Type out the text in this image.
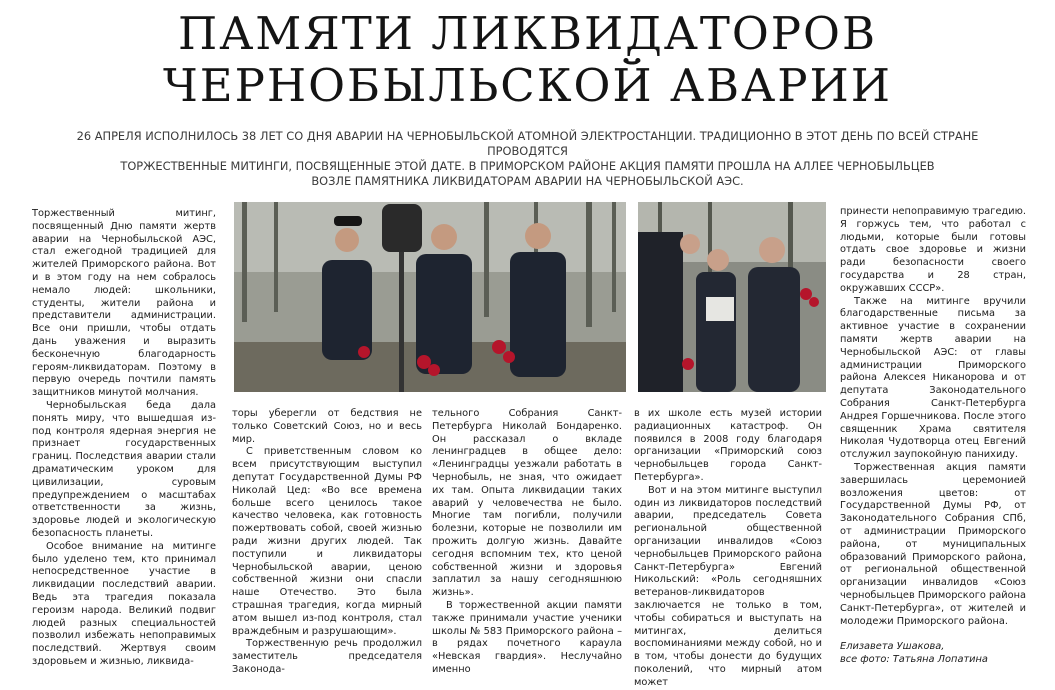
ПАМЯТИ ЛИКВИДАТОРОВ
ЧЕРНОБЫЛЬСКОЙ АВАРИИ
26 АПРЕЛЯ ИСПОЛНИЛОСЬ 38 ЛЕТ СО ДНЯ АВАРИИ НА ЧЕРНОБЫЛЬСКОЙ АТОМНОЙ ЭЛЕКТРОСТАНЦИИ. ТРАДИЦИОННО В ЭТОТ ДЕНЬ ПО ВСЕЙ СТРАНЕ ПРОВОДЯТСЯ
ТОРЖЕСТВЕННЫЕ МИТИНГИ, ПОСВЯЩЕННЫЕ ЭТОЙ ДАТЕ. В ПРИМОРСКОМ РАЙОНЕ АКЦИЯ ПАМЯТИ ПРОШЛА НА АЛЛЕЕ ЧЕРНОБЫЛЬЦЕВ
ВОЗЛЕ ПАМЯТНИКА ЛИКВИДАТОРАМ АВАРИИ НА ЧЕРНОБЫЛЬСКОЙ АЭС.

Торжественный митинг, посвященный Дню памяти жертв аварии на Чернобыльской АЭС, стал ежегодной традицией для жителей Приморского района. Вот и в этом году на нем собралось немало людей: школьники, студенты, жители района и представители администрации. Все они пришли, чтобы отдать дань уважения и выразить бесконечную благодарность героям-ликвидаторам. Поэтому в первую очередь почтили память защитников минутой молчания.

Чернобыльская беда дала понять миру, что вышедшая из-под контроля ядерная энергия не признает государственных границ. Последствия аварии стали драматическим уроком для цивилизации, суровым предупреждением о масштабах ответственности за жизнь, здоровье людей и экологическую безопасность планеты.

Особое внимание на митинге было уделено тем, кто принимал непосредственное участие в ликвидации последствий аварии. Ведь эта трагедия показала героизм народа. Великий подвиг людей разных специальностей позволил избежать непоправимых последствий. Жертвуя своим здоровьем и жизнью, ликвида-

торы уберегли от бедствия не только Советский Союз, но и весь мир.

С приветственным словом ко всем присутствующим выступил депутат Государственной Думы РФ Николай Цед: «Во все времена больше всего ценилось такое качество человека, как готовность пожертвовать собой, своей жизнью ради жизни других людей. Так поступили и ликвидаторы Чернобыльской аварии, ценою собственной жизни они спасли наше Отечество. Это была страшная трагедия, когда мирный атом вышел из-под контроля, стал враждебным и разрушающим».

Торжественную речь продолжил заместитель председателя Законода-

тельного Собрания Санкт-Петербурга Николай Бондаренко. Он рассказал о вкладе ленинградцев в общее дело: «Ленинградцы уезжали работать в Чернобыль, не зная, что ожидает их там. Опыта ликвидации таких аварий у человечества не было. Многие там погибли, получили болезни, которые не позволили им прожить долгую жизнь. Давайте сегодня вспомним тех, кто ценой собственной жизни и здоровья заплатил за нашу сегодняшнюю жизнь».

В торжественной акции памяти также принимали участие ученики школы № 583 Приморского района – в рядах почетного караула «Невская гвардия». Неслучайно именно

в их школе есть музей истории радиационных катастроф. Он появился в 2008 году благодаря организации «Приморский союз чернобыльцев города Санкт-Петербурга».

Вот и на этом митинге выступил один из ликвидаторов последствий аварии, председатель Совета региональной общественной организации инвалидов «Союз чернобыльцев Приморского района Санкт-Петербурга» Евгений Никольский: «Роль сегодняшних ветеранов-ликвидаторов заключается не только в том, чтобы собираться и выступать на митингах, делиться воспоминаниями между собой, но и в том, чтобы донести до будущих поколений, что мирный атом может

принести непоправимую трагедию. Я горжусь тем, что работал с людьми, которые были готовы отдать свое здоровье и жизни ради безопасности своего государства и 28 стран, окружавших СССР».

Также на митинге вручили благодарственные письма за активное участие в сохранении памяти жертв аварии на Чернобыльской АЭС: от главы администрации Приморского района Алексея Никанорова и от депутата Законодательного Собрания Санкт-Петербурга Андрея Горшечникова. После этого священник Храма святителя Николая Чудотворца отец Евгений отслужил заупокойную панихиду.

Торжественная акция памяти завершилась церемонией возложения цветов: от Государственной Думы РФ, от Законодательного Собрания СПб, от администрации Приморского района, от муниципальных образований Приморского района, от региональной общественной организации инвалидов «Союз чернобыльцев Приморского района Санкт-Петербурга», от жителей и молодежи Приморского района.

Елизавета Ушакова,
все фото: Татьяна Лопатина
